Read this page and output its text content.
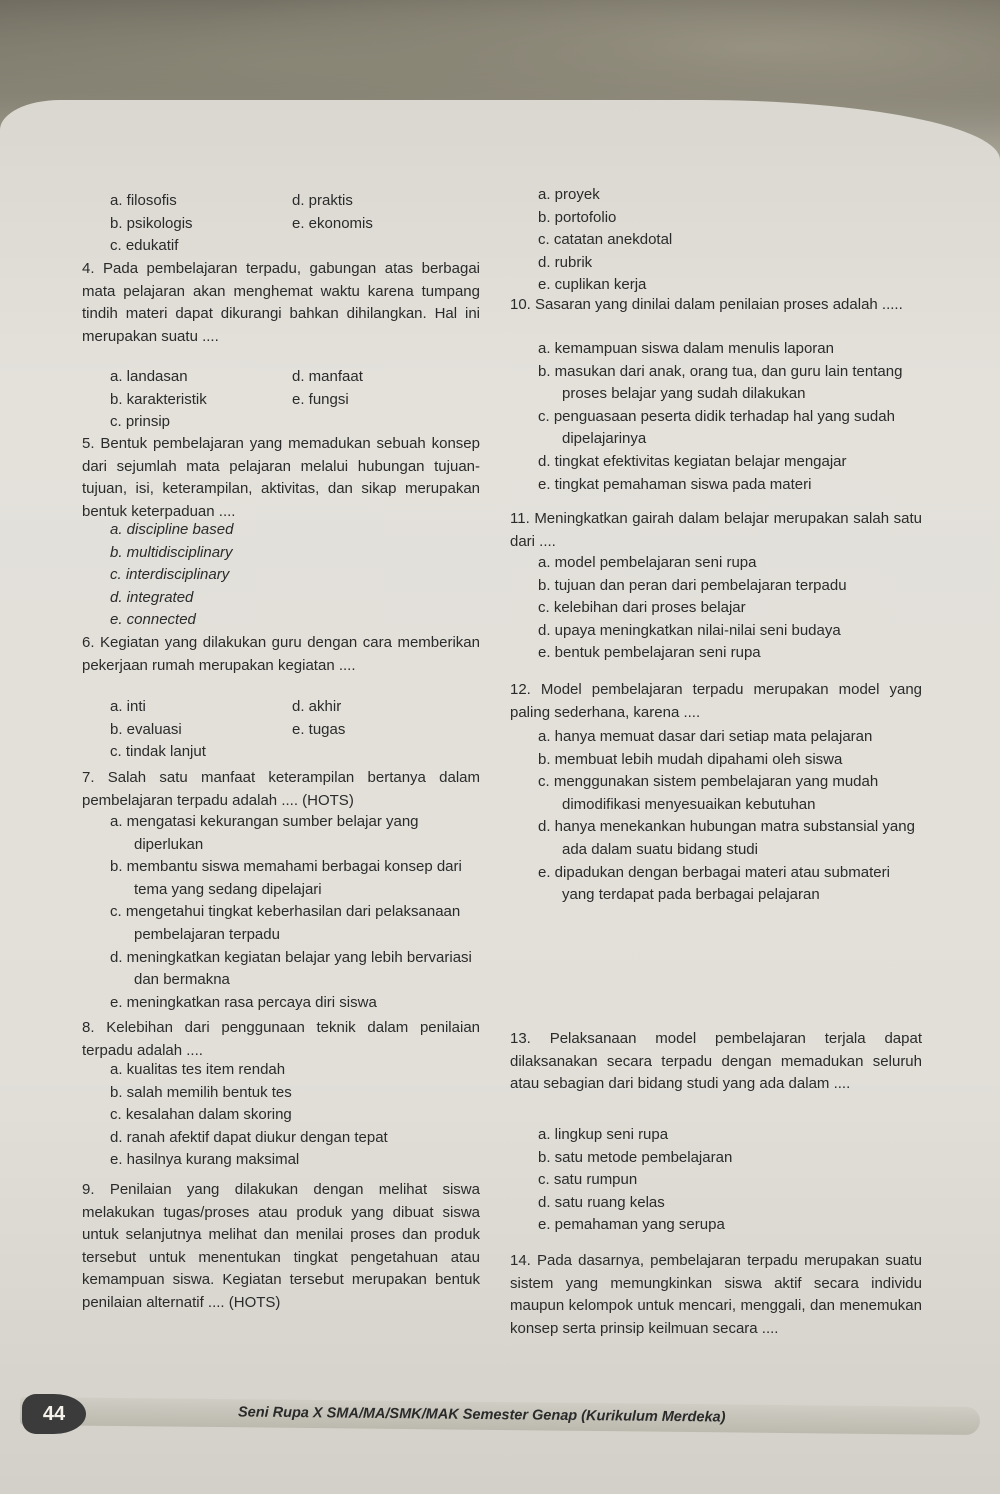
a. filosofis	d. praktis
b. psikologis	e. ekonomis
c. edukatif
4. Pada pembelajaran terpadu, gabungan atas berbagai mata pelajaran akan menghemat waktu karena tumpang tindih materi dapat dikurangi bahkan dihilangkan. Hal ini merupakan suatu ....
a. landasan	d. manfaat
b. karakteristik	e. fungsi
c. prinsip
5. Bentuk pembelajaran yang memadukan sebuah konsep dari sejumlah mata pelajaran melalui hubungan tujuan-tujuan, isi, keterampilan, aktivitas, dan sikap merupakan bentuk keterpaduan ....
a. discipline based
b. multidisciplinary
c. interdisciplinary
d. integrated
e. connected
6. Kegiatan yang dilakukan guru dengan cara memberikan pekerjaan rumah merupakan kegiatan ....
a. inti	d. akhir
b. evaluasi	e. tugas
c. tindak lanjut
7. Salah satu manfaat keterampilan bertanya dalam pembelajaran terpadu adalah .... (HOTS)
a. mengatasi kekurangan sumber belajar yang diperlukan
b. membantu siswa memahami berbagai konsep dari tema yang sedang dipelajari
c. mengetahui tingkat keberhasilan dari pelaksanaan pembelajaran terpadu
d. meningkatkan kegiatan belajar yang lebih bervariasi dan bermakna
e. meningkatkan rasa percaya diri siswa
8. Kelebihan dari penggunaan teknik dalam penilaian terpadu adalah ....
a. kualitas tes item rendah
b. salah memilih bentuk tes
c. kesalahan dalam skoring
d. ranah afektif dapat diukur dengan tepat
e. hasilnya kurang maksimal
9. Penilaian yang dilakukan dengan melihat siswa melakukan tugas/proses atau produk yang dibuat siswa untuk selanjutnya melihat dan menilai proses dan produk tersebut untuk menentukan tingkat pengetahuan atau kemampuan siswa. Kegiatan tersebut merupakan bentuk penilaian alternatif .... (HOTS)
a. proyek
b. portofolio
c. catatan anekdotal
d. rubrik
e. cuplikan kerja
10. Sasaran yang dinilai dalam penilaian proses adalah .....
a. kemampuan siswa dalam menulis laporan
b. masukan dari anak, orang tua, dan guru lain tentang proses belajar yang sudah dilakukan
c. penguasaan peserta didik terhadap hal yang sudah dipelajarinya
d. tingkat efektivitas kegiatan belajar mengajar
e. tingkat pemahaman siswa pada materi
11. Meningkatkan gairah dalam belajar merupakan salah satu dari ....
a. model pembelajaran seni rupa
b. tujuan dan peran dari pembelajaran terpadu
c. kelebihan dari proses belajar
d. upaya meningkatkan nilai-nilai seni budaya
e. bentuk pembelajaran seni rupa
12. Model pembelajaran terpadu merupakan model yang paling sederhana, karena ....
a. hanya memuat dasar dari setiap mata pelajaran
b. membuat lebih mudah dipahami oleh siswa
c. menggunakan sistem pembelajaran yang mudah dimodifikasi menyesuaikan kebutuhan
d. hanya menekankan hubungan matra substansial yang ada dalam suatu bidang studi
e. dipadukan dengan berbagai materi atau submateri yang terdapat pada berbagai pelajaran
13. Pelaksanaan model pembelajaran terjala dapat dilaksanakan secara terpadu dengan memadukan seluruh atau sebagian dari bidang studi yang ada dalam ....
a. lingkup seni rupa
b. satu metode pembelajaran
c. satu rumpun
d. satu ruang kelas
e. pemahaman yang serupa
14. Pada dasarnya, pembelajaran terpadu merupakan suatu sistem yang memungkinkan siswa aktif secara individu maupun kelompok untuk mencari, menggali, dan menemukan konsep serta prinsip keilmuan secara ....
44	Seni Rupa X SMA/MA/SMK/MAK Semester Genap (Kurikulum Merdeka)
